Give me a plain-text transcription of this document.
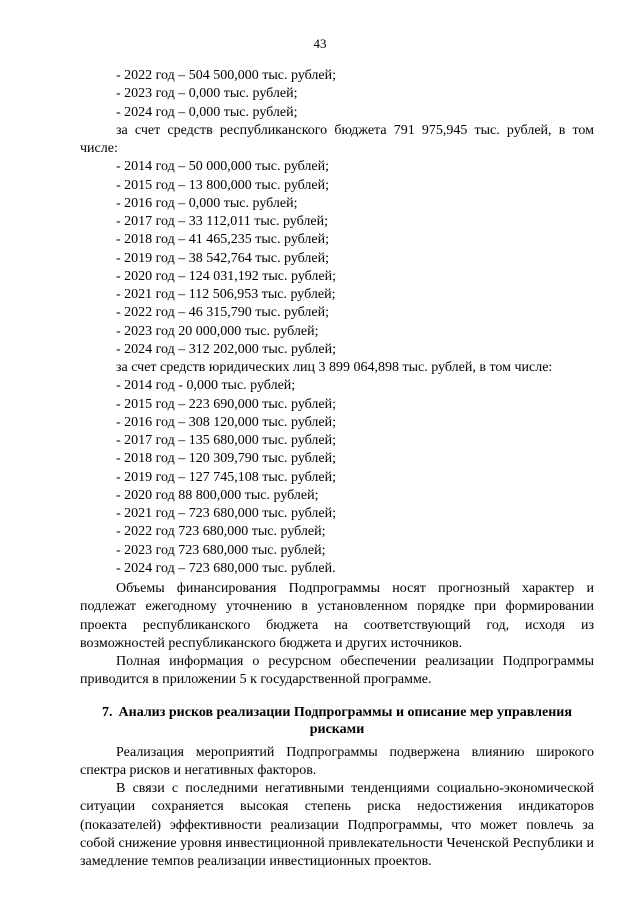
43
- 2022 год – 504 500,000 тыс. рублей;
- 2023 год – 0,000 тыс. рублей;
- 2024 год – 0,000 тыс. рублей;
за счет средств республиканского бюджета 791 975,945 тыс. рублей, в том числе:
- 2014 год – 50 000,000 тыс. рублей;
- 2015 год – 13 800,000 тыс. рублей;
- 2016 год – 0,000 тыс. рублей;
- 2017 год – 33 112,011 тыс. рублей;
- 2018 год – 41 465,235 тыс. рублей;
- 2019 год – 38 542,764 тыс. рублей;
- 2020 год – 124 031,192 тыс. рублей;
- 2021 год – 112 506,953 тыс. рублей;
- 2022 год – 46 315,790 тыс. рублей;
- 2023 год 20 000,000 тыс. рублей;
- 2024 год – 312 202,000 тыс. рублей;
за счет средств юридических лиц 3 899 064,898 тыс. рублей, в том числе:
- 2014 год - 0,000 тыс. рублей;
- 2015 год – 223 690,000 тыс. рублей;
- 2016 год – 308 120,000 тыс. рублей;
- 2017 год – 135 680,000 тыс. рублей;
- 2018 год – 120 309,790 тыс. рублей;
- 2019 год – 127 745,108 тыс. рублей;
- 2020 год 88 800,000 тыс. рублей;
- 2021 год – 723 680,000 тыс. рублей;
- 2022 год 723 680,000 тыс. рублей;
- 2023 год 723 680,000 тыс. рублей;
- 2024 год – 723 680,000 тыс. рублей.
Объемы финансирования Подпрограммы носят прогнозный характер и подлежат ежегодному уточнению в установленном порядке при формировании проекта республиканского бюджета на соответствующий год, исходя из возможностей республиканского бюджета и других источников.
Полная информация о ресурсном обеспечении реализации Подпрограммы приводится в приложении 5 к государственной программе.
7. Анализ рисков реализации Подпрограммы и описание мер управления рисками
Реализация мероприятий Подпрограммы подвержена влиянию широкого спектра рисков и негативных факторов.
В связи с последними негативными тенденциями социально-экономической ситуации сохраняется высокая степень риска недостижения индикаторов (показателей) эффективности реализации Подпрограммы, что может повлечь за собой снижение уровня инвестиционной привлекательности Чеченской Республики и замедление темпов реализации инвестиционных проектов.
